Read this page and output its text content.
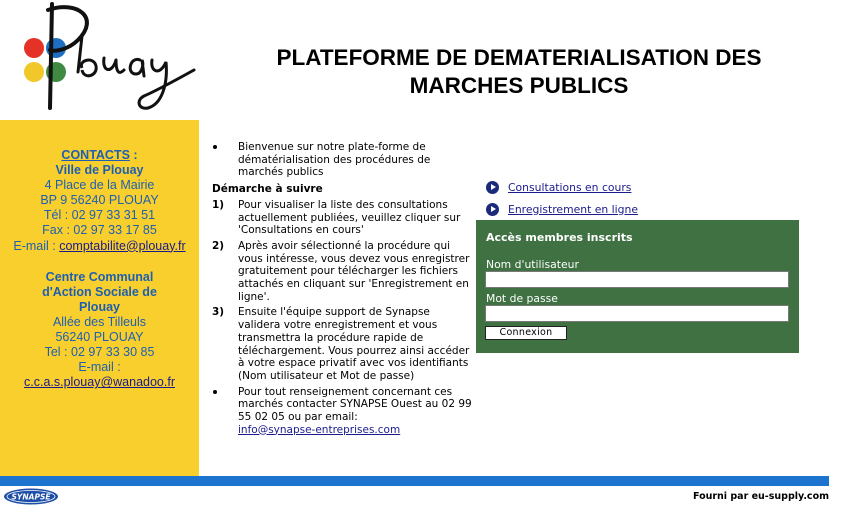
PLATEFORME DE DEMATERIALISATION DES
MARCHES PUBLICS
CONTACTS :
Ville de Plouay
4 Place de la Mairie
BP 9 56240 PLOUAY
Tél : 02 97 33 31 51
Fax : 02 97 33 17 85
E-mail : comptabilite@plouay.fr
Centre Communal
d'Action Sociale de
Plouay
Allée des Tilleuls
56240 PLOUAY
Tel : 02 97 33 30 85
E-mail :
c.c.a.s.plouay@wanadoo.fr
Bienvenue sur notre plate-forme de dématérialisation des procédures de marchés publics
Démarche à suivre
1) Pour visualiser la liste des consultations actuellement publiées, veuillez cliquer sur 'Consultations en cours'
2) Après avoir sélectionné la procédure qui vous intéresse, vous devez vous enregistrer gratuitement pour télécharger les fichiers attachés en cliquant sur 'Enregistrement en ligne'.
3) Ensuite l'équipe support de Synapse validera votre enregistrement et vous transmettra la procédure rapide de téléchargement. Vous pourrez ainsi accéder à votre espace privatif avec vos identifiants (Nom utilisateur et Mot de passe)
Pour tout renseignement concernant ces marchés contacter SYNAPSE Ouest au 02 99 55 02 05 ou par email:
info@synapse-entreprises.com
Consultations en cours
Enregistrement en ligne
Accès membres inscrits
Nom d'utilisateur
Mot de passe
Connexion
SYNAPSE	Fourni par eu-supply.com
